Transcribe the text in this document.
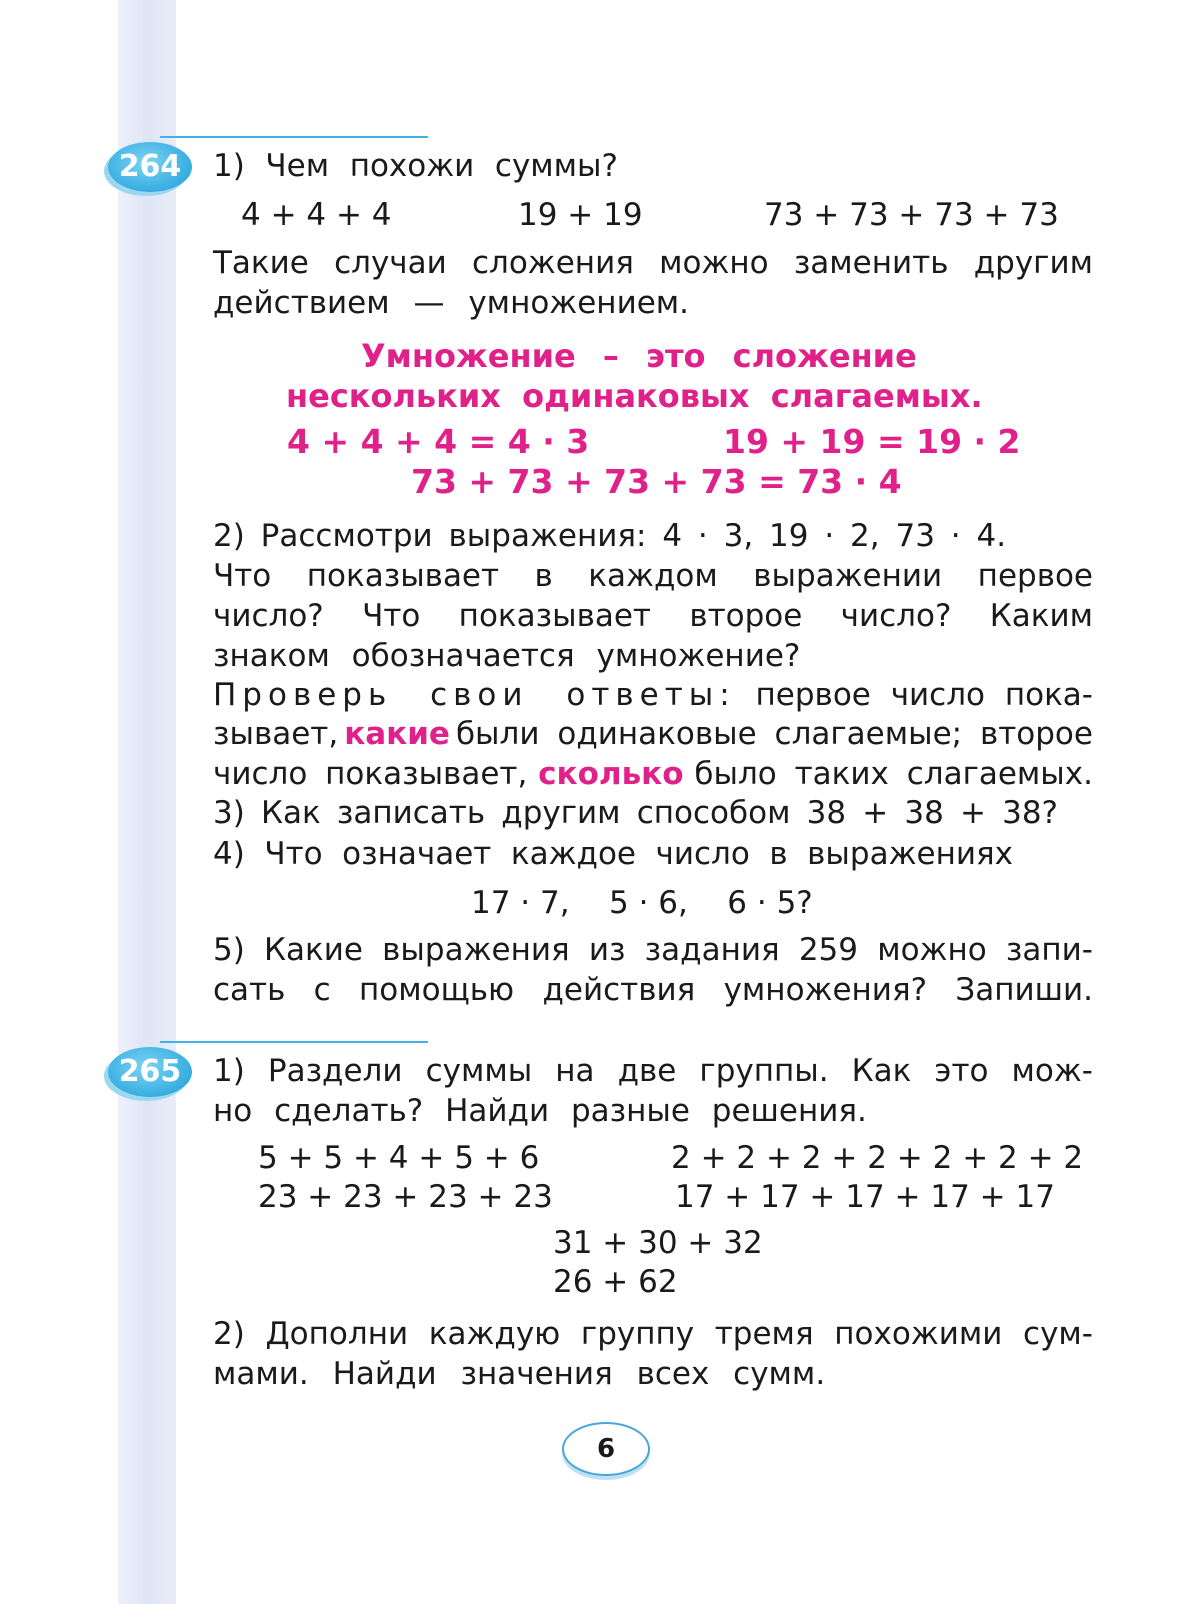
264	1) Чем похожи суммы?
4 + 4 + 4	19 + 19	73 + 73 + 73 + 73
Такие случаи сложения можно заменить другим
действием — умножением.
Умножение – это сложение
нескольких одинаковых слагаемых.
4 + 4 + 4 = 4 · 3	19 + 19 = 19 · 2
73 + 73 + 73 + 73 = 73 · 4
2) Рассмотри выражения: 4 · 3, 19 · 2, 73 · 4.
Что показывает в каждом выражении первое
число? Что показывает второе число? Каким
знаком обозначается умножение?
Проверь свои ответы: первое число пока-
зывает, какие были одинаковые слагаемые; второе
число показывает, сколько было таких слагаемых.
3) Как записать другим способом 38 + 38 + 38?
4) Что означает каждое число в выражениях
17 · 7,    5 · 6,    6 · 5?
5) Какие выражения из задания 259 можно запи-
сать с помощью действия умножения? Запиши.
265	1) Раздели суммы на две группы. Как это мож-
но сделать? Найди разные решения.
5 + 5 + 4 + 5 + 6	2 + 2 + 2 + 2 + 2 + 2 + 2
23 + 23 + 23 + 23	17 + 17 + 17 + 17 + 17
31 + 30 + 32
26 + 62
2) Дополни каждую группу тремя похожими сум-
мами. Найди значения всех сумм.
6
